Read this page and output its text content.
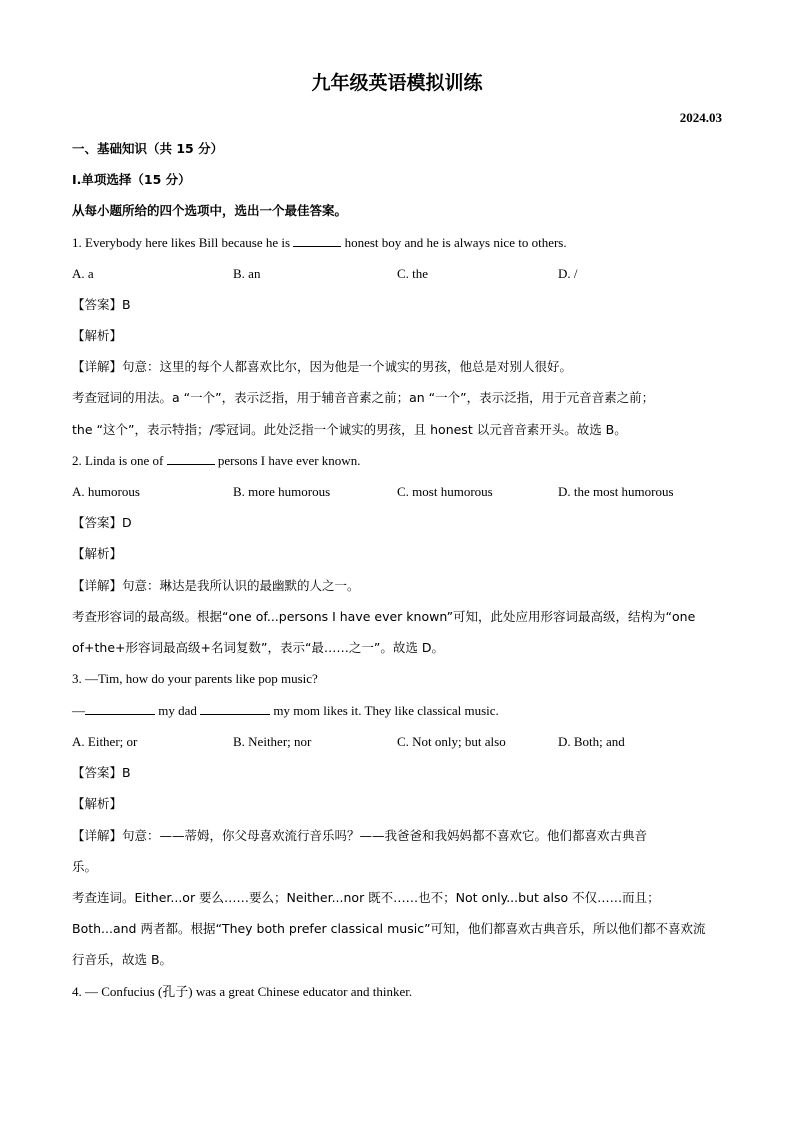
九年级英语模拟训练
2024.03
一、基础知识（共 15 分）
I.单项选择（15 分）
从每小题所给的四个选项中，选出一个最佳答案。
1. Everybody here likes Bill because he is	honest boy and he is always nice to others.
A. a	B. an	C. the	D. /
【答案】B
【解析】
【详解】句意：这里的每个人都喜欢比尔，因为他是一个诚实的男孩，他总是对别人很好。
考查冠词的用法。a “一个”，表示泛指，用于辅音音素之前；an “一个”，表示泛指，用于元音音素之前；
the “这个”，表示特指；/零冠词。此处泛指一个诚实的男孩，且 honest 以元音音素开头。故选 B。
2. Linda is one of	persons I have ever known.
A. humorous	B. more humorous	C. most humorous	D. the most humorous
【答案】D
【解析】
【详解】句意：琳达是我所认识的最幽默的人之一。
考查形容词的最高级。根据“one of...persons I have ever known”可知，此处应用形容词最高级，结构为“one
of+the+形容词最高级+名词复数”，表示“最……之一”。故选 D。
3. —Tim, how do your parents like pop music?
—	my dad	my mom likes it. They like classical music.
A. Either; or	B. Neither; nor	C. Not only; but also	D. Both; and
【答案】B
【解析】
【详解】句意：——蒂姆，你父母喜欢流行音乐吗？——我爸爸和我妈妈都不喜欢它。他们都喜欢古典音
乐。
考查连词。Either...or 要么……要么；Neither...nor 既不……也不；Not only...but also 不仅……而且；
Both...and 两者都。根据“They both prefer classical music”可知，他们都喜欢古典音乐，所以他们都不喜欢流
行音乐，故选 B。
4. — Confucius (孔子) was a great Chinese educator and thinker.
